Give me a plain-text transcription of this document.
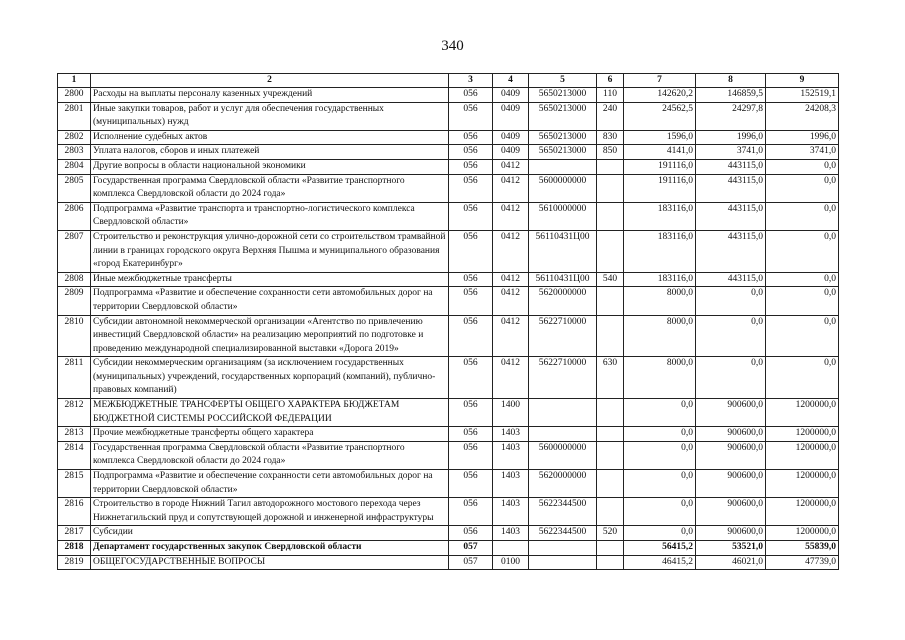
340
1	2	3	4	5	6	7	8	9
2800	Расходы на выплаты персоналу казенных учреждений	056	0409	5650213000	110	142620,2	146859,5	152519,1
2801	Иные закупки товаров, работ и услуг для обеспечения государственных (муниципальных) нужд	056	0409	5650213000	240	24562,5	24297,8	24208,3
2802	Исполнение судебных актов	056	0409	5650213000	830	1596,0	1996,0	1996,0
2803	Уплата налогов, сборов и иных платежей	056	0409	5650213000	850	4141,0	3741,0	3741,0
2804	Другие вопросы в области национальной экономики	056	0412			191116,0	443115,0	0,0
2805	Государственная программа Свердловской области «Развитие транспортного комплекса Свердловской области до 2024 года»	056	0412	5600000000		191116,0	443115,0	0,0
2806	Подпрограмма «Развитие транспорта и транспортно-логистического комплекса Свердловской области»	056	0412	5610000000		183116,0	443115,0	0,0
2807	Строительство и реконструкция улично-дорожной сети со строительством трамвайной линии в границах городского округа Верхняя Пышма и муниципального образования «город Екатеринбург»	056	0412	56110431Ц00		183116,0	443115,0	0,0
2808	Иные межбюджетные трансферты	056	0412	56110431Ц00	540	183116,0	443115,0	0,0
2809	Подпрограмма «Развитие и обеспечение сохранности сети автомобильных дорог на территории Свердловской области»	056	0412	5620000000		8000,0	0,0	0,0
2810	Субсидии автономной некоммерческой организации «Агентство по привлечению инвестиций Свердловской области» на реализацию мероприятий по подготовке и проведению международной специализированной выставки «Дорога 2019»	056	0412	5622710000		8000,0	0,0	0,0
2811	Субсидии некоммерческим организациям (за исключением государственных (муниципальных) учреждений, государственных корпораций (компаний), публично-правовых компаний)	056	0412	5622710000	630	8000,0	0,0	0,0
2812	МЕЖБЮДЖЕТНЫЕ ТРАНСФЕРТЫ ОБЩЕГО ХАРАКТЕРА БЮДЖЕТАМ БЮДЖЕТНОЙ СИСТЕМЫ РОССИЙСКОЙ ФЕДЕРАЦИИ	056	1400			0,0	900600,0	1200000,0
2813	Прочие межбюджетные трансферты общего характера	056	1403			0,0	900600,0	1200000,0
2814	Государственная программа Свердловской области «Развитие транспортного комплекса Свердловской области до 2024 года»	056	1403	5600000000		0,0	900600,0	1200000,0
2815	Подпрограмма «Развитие и обеспечение сохранности сети автомобильных дорог на территории Свердловской области»	056	1403	5620000000		0,0	900600,0	1200000,0
2816	Строительство в городе Нижний Тагил автодорожного мостового перехода через Нижнетагильский пруд и сопутствующей дорожной и инженерной инфраструктуры	056	1403	5622344500		0,0	900600,0	1200000,0
2817	Субсидии	056	1403	5622344500	520	0,0	900600,0	1200000,0
2818	Департамент государственных закупок Свердловской области	057				56415,2	53521,0	55839,0
2819	ОБЩЕГОСУДАРСТВЕННЫЕ ВОПРОСЫ	057	0100			46415,2	46021,0	47739,0
